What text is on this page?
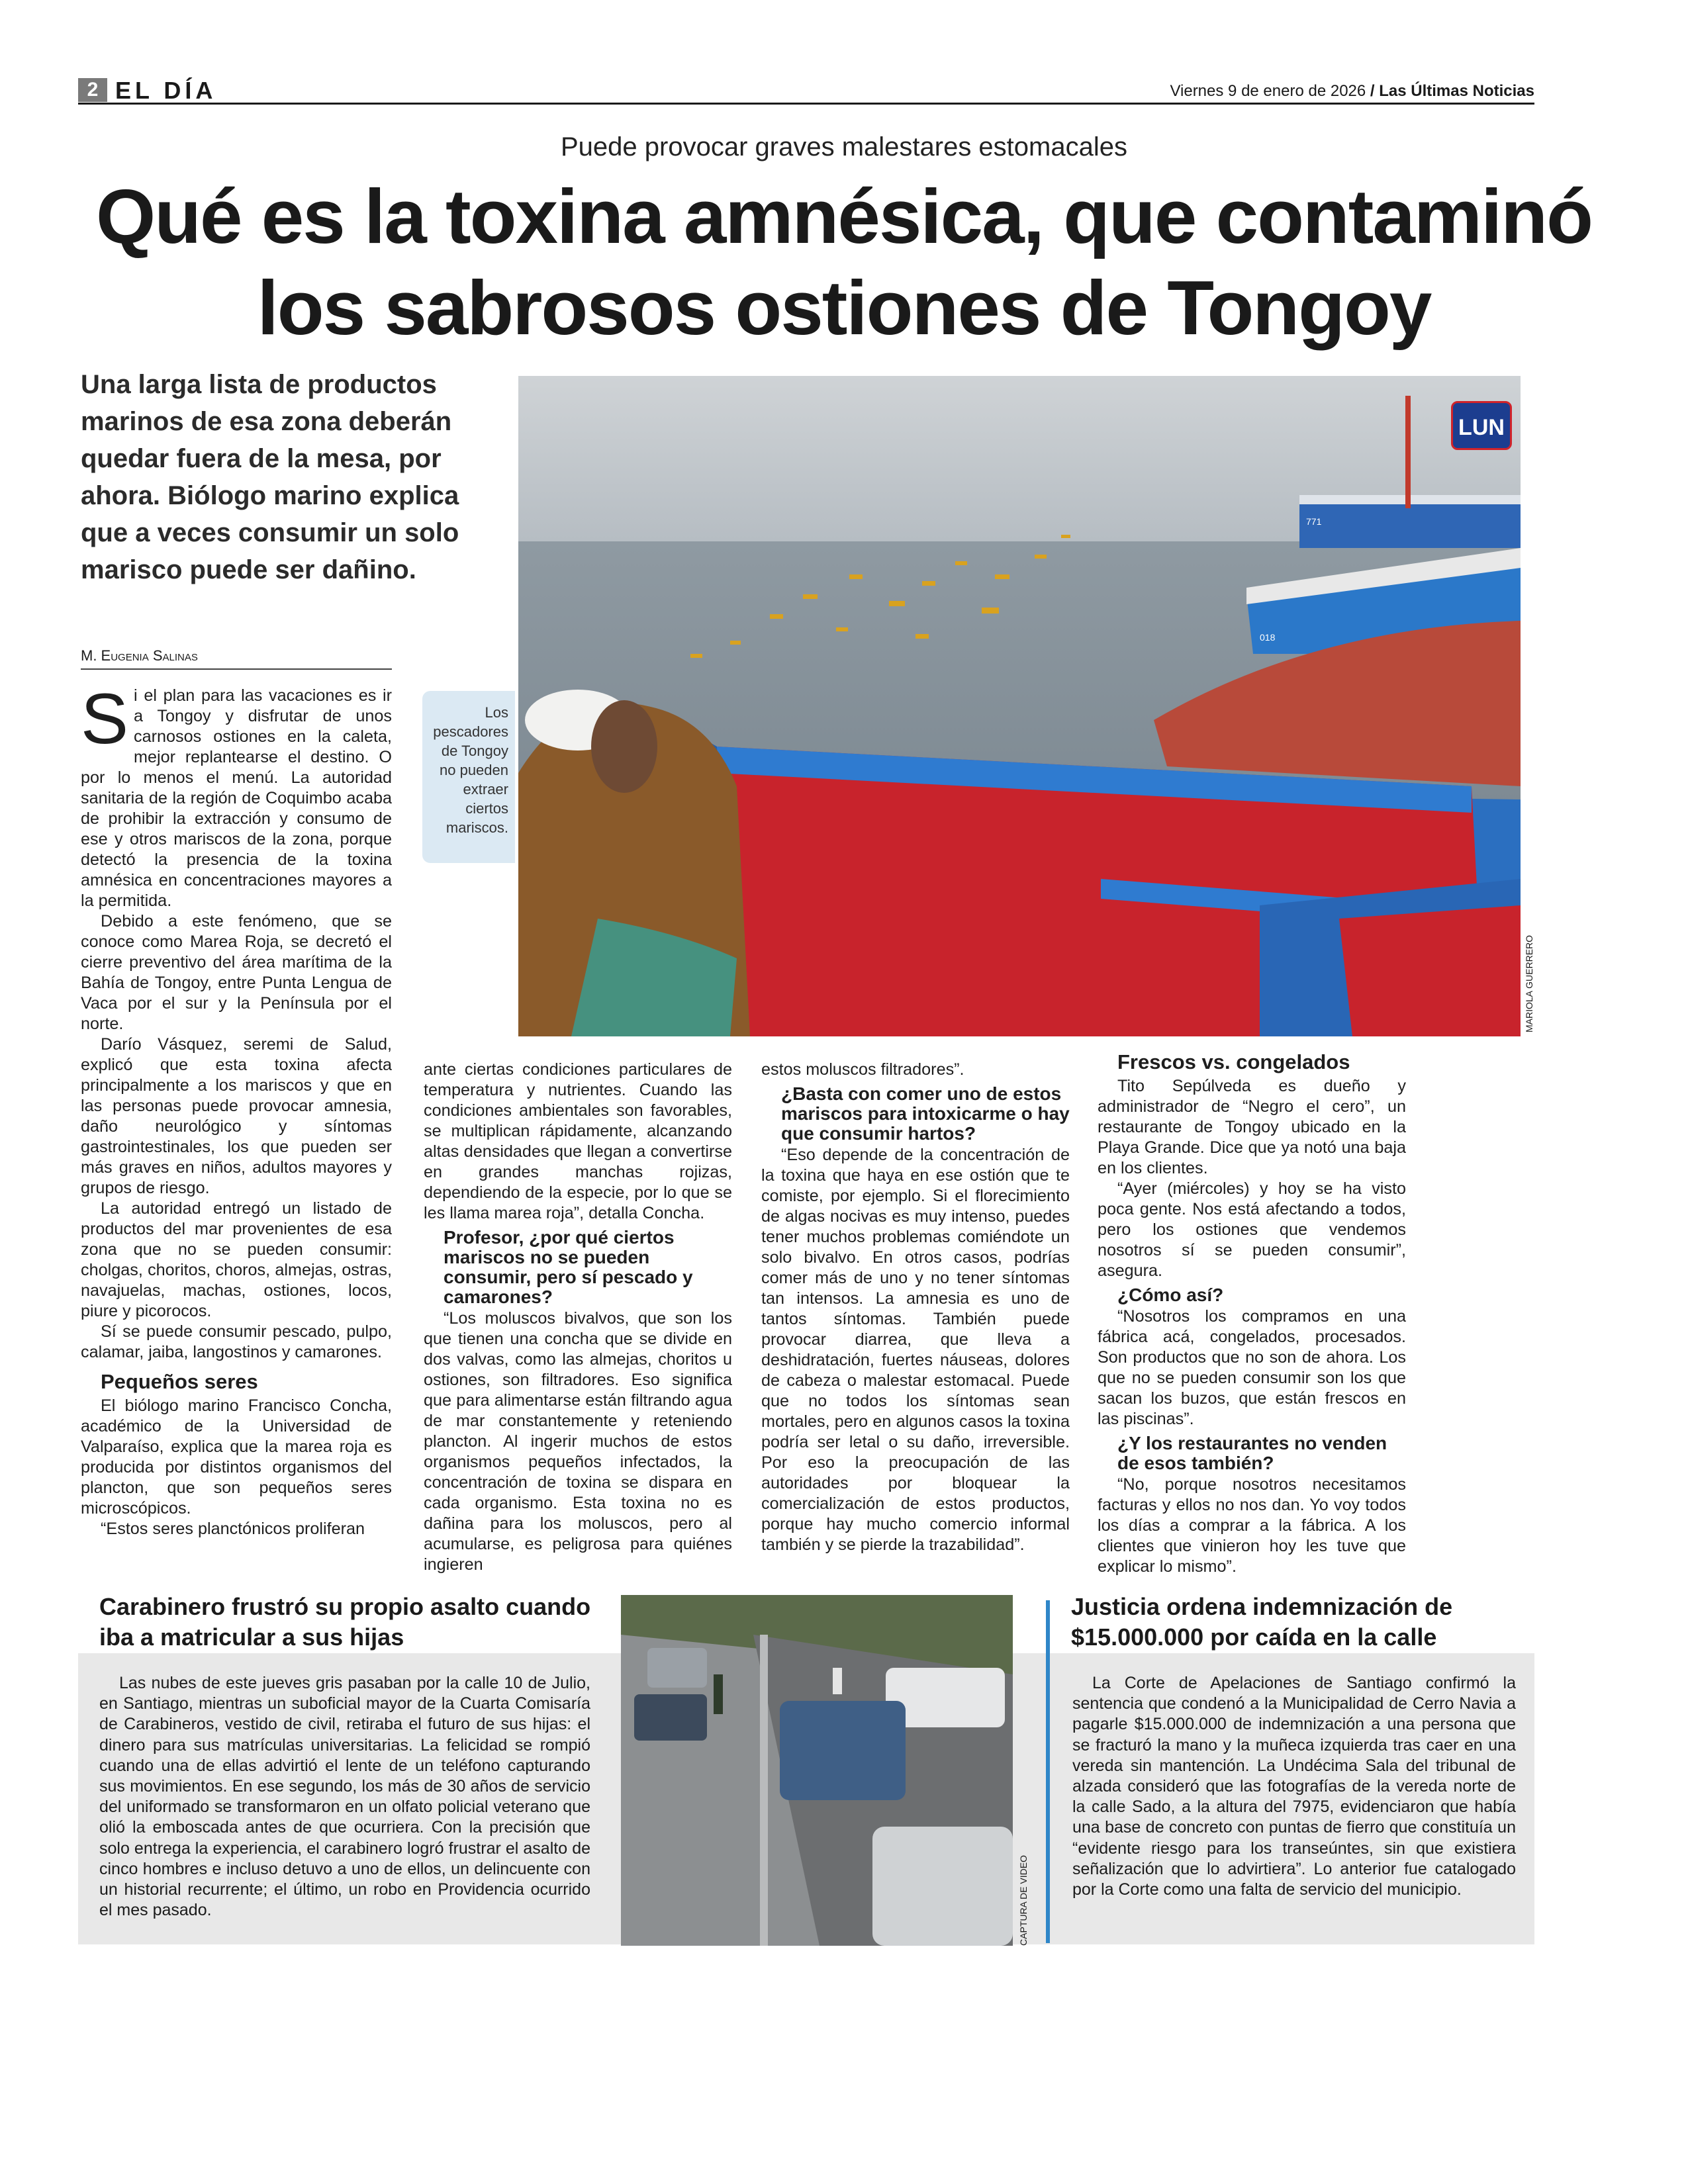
2 EL DÍA	Viernes 9 de enero de 2026 / Las Últimas Noticias
Puede provocar graves malestares estomacales
Qué es la toxina amnésica, que contaminó
los sabrosos ostiones de Tongoy
Una larga lista de productos marinos de esa zona deberán quedar fuera de la mesa, por ahora. Biólogo marino explica que a veces consumir un solo marisco puede ser dañino.
M. Eugenia Salinas

Si el plan para las vacaciones es ir a Tongoy y disfrutar de unos carnosos ostiones en la caleta, mejor replantearse el destino. O por lo menos el menú. La autoridad sanitaria de la región de Coquimbo acaba de prohibir la extracción y consumo de ese y otros mariscos de la zona, porque detectó la presencia de la toxina amnésica en concentraciones mayores a la permitida.

Debido a este fenómeno, que se conoce como Marea Roja, se decretó el cierre preventivo del área marítima de la Bahía de Tongoy, entre Punta Lengua de Vaca por el sur y la Península por el norte.

Darío Vásquez, seremi de Salud, explicó que esta toxina afecta principalmente a los mariscos y que en las personas puede provocar amnesia, daño neurológico y síntomas gastrointestinales, los que pueden ser más graves en niños, adultos mayores y grupos de riesgo.

La autoridad entregó un listado de productos del mar provenientes de esa zona que no se pueden consumir: cholgas, choritos, choros, almejas, ostras, navajuelas, machas, ostiones, locos, piure y picorocos.

Sí se puede consumir pescado, pulpo, calamar, jaiba, langostinos y camarones.

Pequeños seres

El biólogo marino Francisco Concha, académico de la Universidad de Valparaíso, explica que la marea roja es producida por distintos organismos del plancton, que son pequeños seres microscópicos.

“Estos seres planctónicos proliferan

ante ciertas condiciones particulares de temperatura y nutrientes. Cuando las condiciones ambientales son favorables, se multiplican rápidamente, alcanzando altas densidades que llegan a convertirse en grandes manchas rojizas, dependiendo de la especie, por lo que se les llama marea roja”, detalla Concha.

Profesor, ¿por qué ciertos mariscos no se pueden consumir, pero sí pescado y camarones?

“Los moluscos bivalvos, que son los que tienen una concha que se divide en dos valvas, como las almejas, choritos u ostiones, son filtradores. Eso significa que para alimentarse están filtrando agua de mar constantemente y reteniendo plancton. Al ingerir muchos de estos organismos pequeños infectados, la concentración de toxina se dispara en cada organismo. Esta toxina no es dañina para los moluscos, pero al acumularse, es peligrosa para quiénes ingieren

estos moluscos filtradores”.

¿Basta con comer uno de estos mariscos para intoxicarme o hay que consumir hartos?

“Eso depende de la concentración de la toxina que haya en ese ostión que te comiste, por ejemplo. Si el florecimiento de algas nocivas es muy intenso, puedes tener muchos problemas comiéndote un solo bivalvo. En otros casos, podrías comer más de uno y no tener síntomas tan intensos. La amnesia es uno de tantos síntomas. También puede provocar diarrea, que lleva a deshidratación, fuertes náuseas, dolores de cabeza o malestar estomacal. Puede que no todos los síntomas sean mortales, pero en algunos casos la toxina podría ser letal o su daño, irreversible. Por eso la preocupación de las autoridades por bloquear la comercialización de estos productos, porque hay mucho comercio informal también y se pierde la trazabilidad”.

Frescos vs. congelados

Tito Sepúlveda es dueño y administrador de “Negro el cero”, un restaurante de Tongoy ubicado en la Playa Grande. Dice que ya notó una baja en los clientes.

“Ayer (miércoles) y hoy se ha visto poca gente. Nos está afectando a todos, pero los ostiones que vendemos nosotros sí se pueden consumir”, asegura.

¿Cómo así?

“Nosotros los compramos en una fábrica acá, congelados, procesados. Son productos que no son de ahora. Los que no se pueden consumir son los que sacan los buzos, que están frescos en las piscinas”.

¿Y los restaurantes no venden de esos también?

“No, porque nosotros necesitamos facturas y ellos no nos dan. Yo voy todos los días a comprar a la fábrica. A los clientes que vinieron hoy les tuve que explicar lo mismo”.

771
018
LUN
MARIOLA GUERRERO
Los pescadores de Tongoy no pueden extraer ciertos mariscos.
Carabinero frustró su propio asalto cuando iba a matricular a sus hijas

Las nubes de este jueves gris pasaban por la calle 10 de Julio, en Santiago, mientras un suboficial mayor de la Cuarta Comisaría de Carabineros, vestido de civil, retiraba el futuro de sus hijas: el dinero para sus matrículas universitarias. La felicidad se rompió cuando una de ellas advirtió el lente de un teléfono capturando sus movimientos. En ese segundo, los más de 30 años de servicio del uniformado se transformaron en un olfato policial veterano que olió la emboscada antes de que ocurriera. Con la precisión que solo entrega la experiencia, el carabinero logró frustrar el asalto de cinco hombres e incluso detuvo a uno de ellos, un delincuente con un historial recurrente; el último, un robo en Providencia ocurrido el mes pasado.	CAPTURA DE VIDEO
Justicia ordena indemnización de $15.000.000 por caída en la calle

La Corte de Apelaciones de Santiago confirmó la sentencia que condenó a la Municipalidad de Cerro Navia a pagarle $15.000.000 de indemnización a una persona que se fracturó la mano y la muñeca izquierda tras caer en una vereda sin mantención. La Undécima Sala del tribunal de alzada consideró que las fotografías de la vereda norte de la calle Sado, a la altura del 7975, evidenciaron que había una base de concreto con puntas de fierro que constituía un “evidente riesgo para los transeúntes, sin que existiera señalización que lo advirtiera”. Lo anterior fue catalogado por la Corte como una falta de servicio del municipio.
